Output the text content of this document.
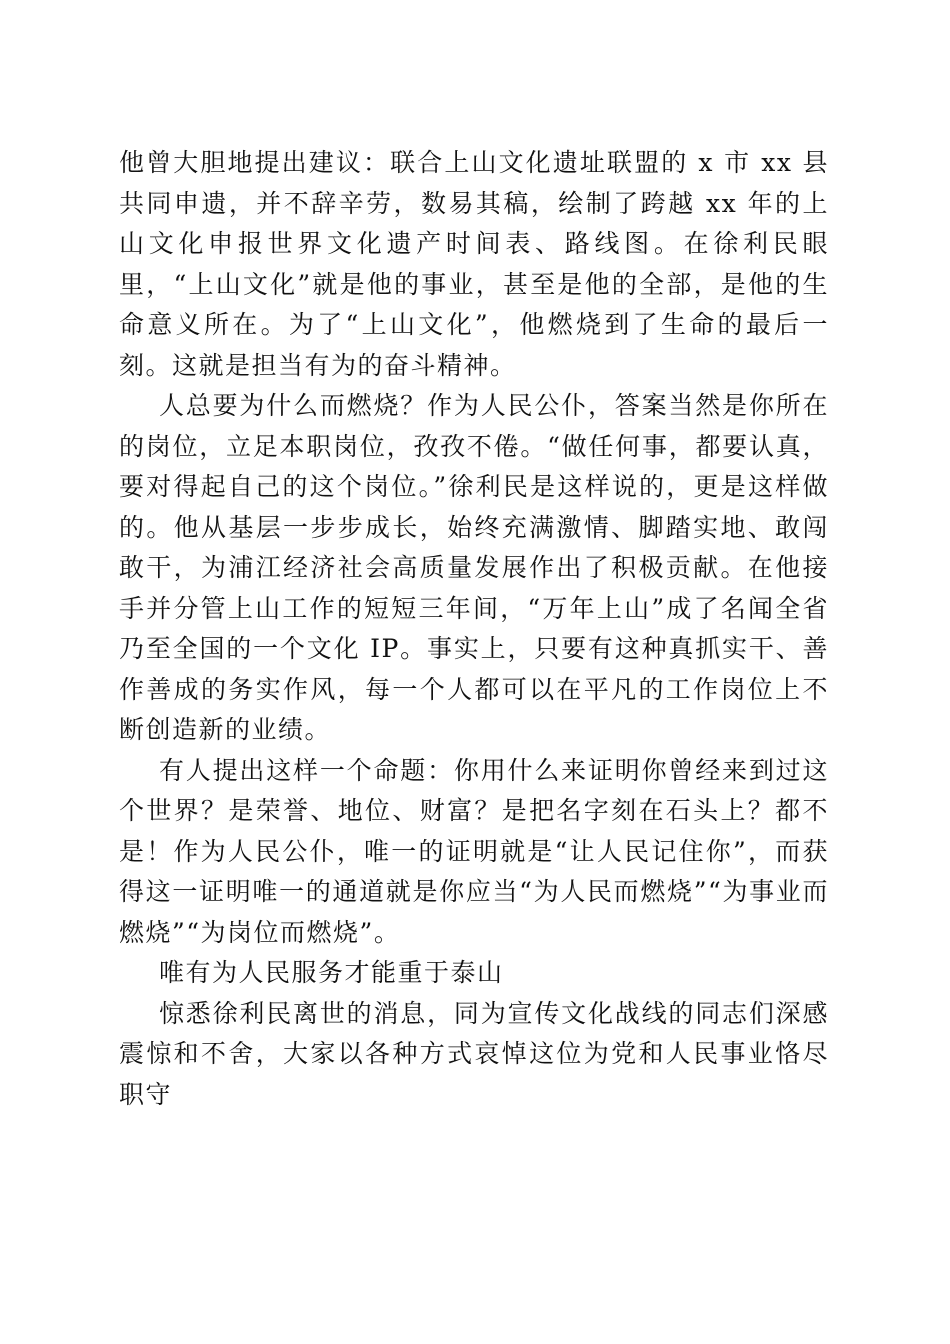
他曾大胆地提出建议：联合上山文化遗址联盟的 x 市 xx 县共同申遗，并不辞辛劳，数易其稿，绘制了跨越 xx 年的上山文化申报世界文化遗产时间表、路线图。在徐利民眼里，“上山文化”就是他的事业，甚至是他的全部，是他的生命意义所在。为了“上山文化”，他燃烧到了生命的最后一刻。这就是担当有为的奋斗精神。

人总要为什么而燃烧？作为人民公仆，答案当然是你所在的岗位，立足本职岗位，孜孜不倦。“做任何事，都要认真，要对得起自己的这个岗位。”徐利民是这样说的，更是这样做的。他从基层一步步成长，始终充满激情、脚踏实地、敢闯敢干，为浦江经济社会高质量发展作出了积极贡献。在他接手并分管上山工作的短短三年间，“万年上山”成了名闻全省乃至全国的一个文化 IP。事实上，只要有这种真抓实干、善作善成的务实作风，每一个人都可以在平凡的工作岗位上不断创造新的业绩。

有人提出这样一个命题：你用什么来证明你曾经来到过这个世界？是荣誉、地位、财富？是把名字刻在石头上？都不是！作为人民公仆，唯一的证明就是“让人民记住你”，而获得这一证明唯一的通道就是你应当“为人民而燃烧”“为事业而燃烧”“为岗位而燃烧”。

唯有为人民服务才能重于泰山

惊悉徐利民离世的消息，同为宣传文化战线的同志们深感震惊和不舍，大家以各种方式哀悼这位为党和人民事业恪尽职守
